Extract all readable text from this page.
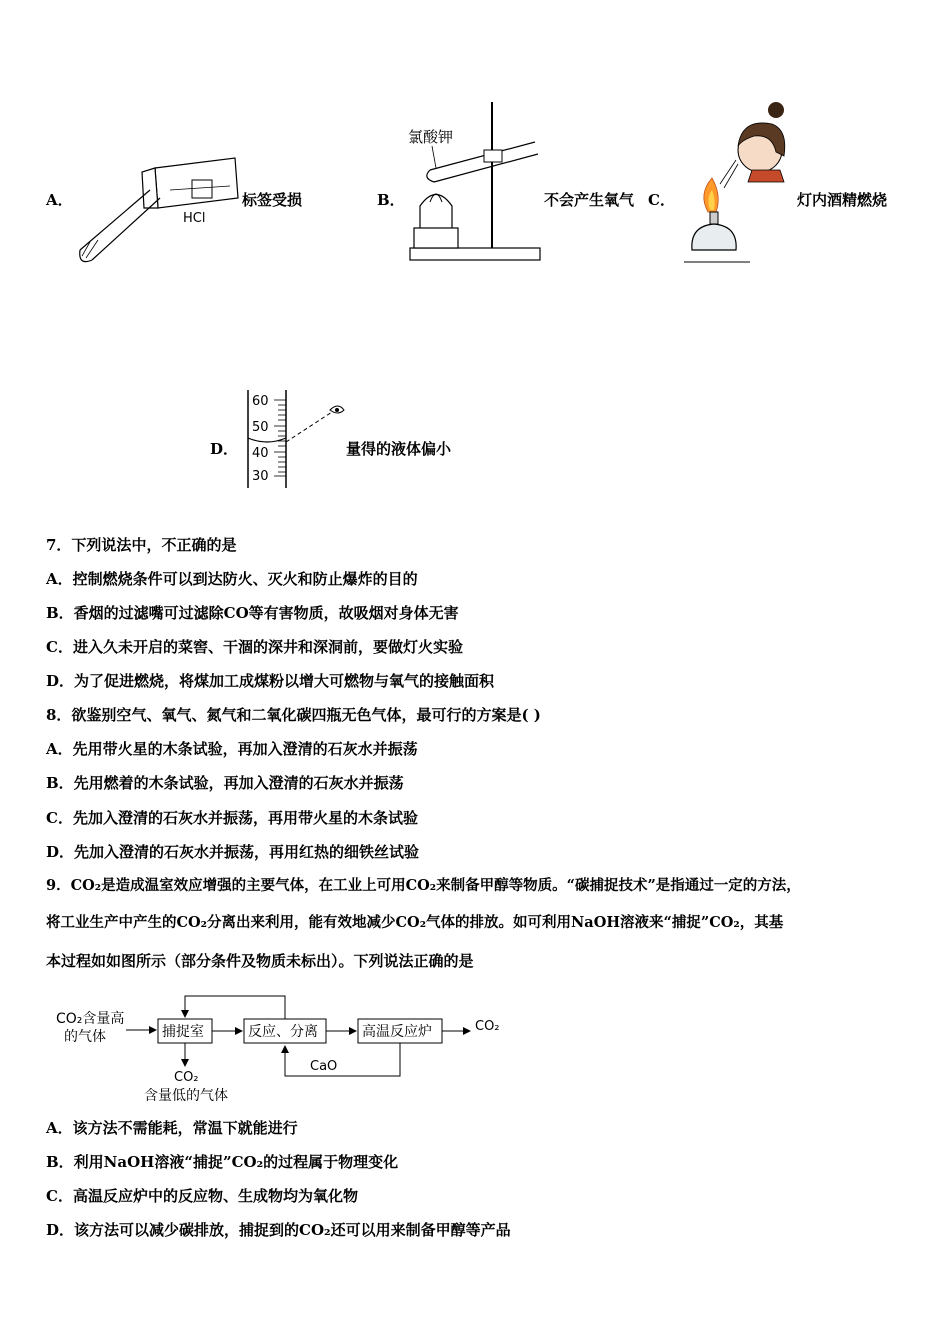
A．
HCl
标签受损	B．
氯酸钾
不会产生氧气 C．	灯内酒精燃烧
D．
60
50
40
30
量得的液体偏小
7．下列说法中，不正确的是
A．控制燃烧条件可以到达防火、灭火和防止爆炸的目的
B．香烟的过滤嘴可过滤除CO等有害物质，故吸烟对身体无害
C．进入久未开启的菜窖、干涸的深井和深洞前，要做灯火实验
D．为了促进燃烧，将煤加工成煤粉以增大可燃物与氧气的接触面积
8．欲鉴别空气、氧气、氮气和二氧化碳四瓶无色气体，最可行的方案是( )
A．先用带火星的木条试验，再加入澄清的石灰水并振荡
B．先用燃着的木条试验，再加入澄清的石灰水并振荡
C．先加入澄清的石灰水并振荡，再用带火星的木条试验
D．先加入澄清的石灰水并振荡，再用红热的细铁丝试验
9．CO₂是造成温室效应增强的主要气体，在工业上可用CO₂来制备甲醇等物质。“碳捕捉技术”是指通过一定的方法，
将工业生产中产生的CO₂分离出来利用，能有效地减少CO₂气体的排放。如可利用NaOH溶液来“捕捉”CO₂，其基
本过程如如图所示（部分条件及物质未标出）。下列说法正确的是
CO₂含量高
的气体	捕捉室	反应、分离	高温反应炉	CO₂
CaO
CO₂
含量低的气体
A．该方法不需能耗，常温下就能进行
B．利用NaOH溶液“捕捉”CO₂的过程属于物理变化
C．高温反应炉中的反应物、生成物均为氧化物
D．该方法可以减少碳排放，捕捉到的CO₂还可以用来制备甲醇等产品
